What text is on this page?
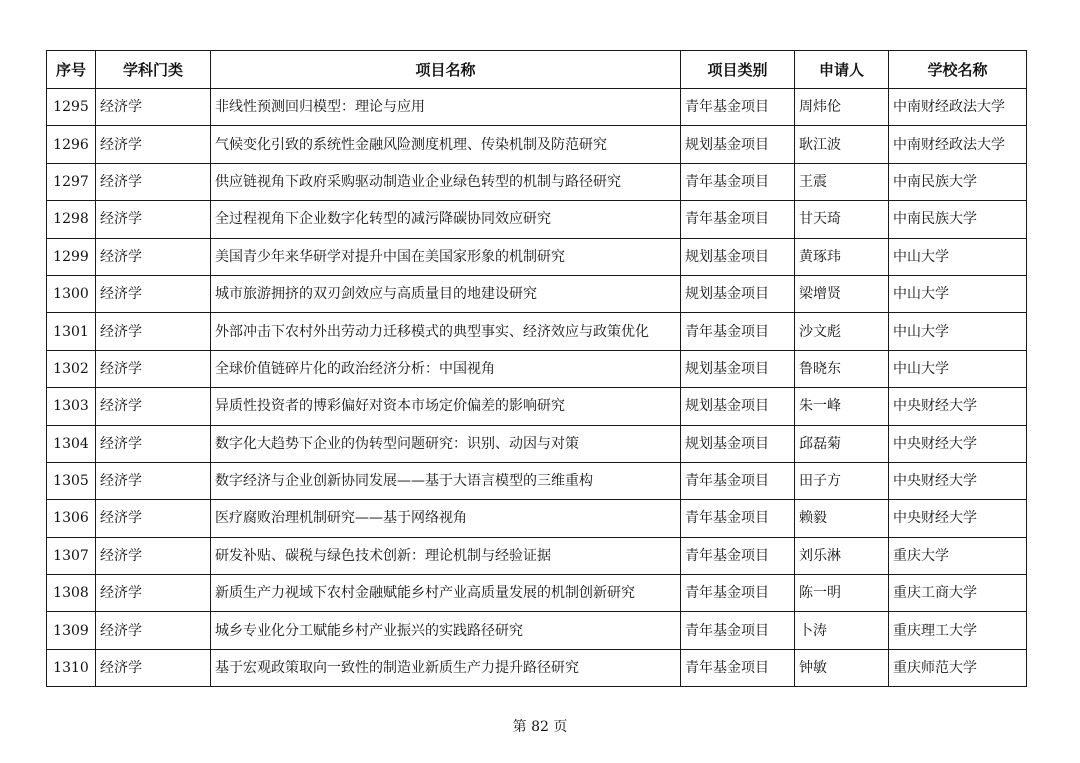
序号	学科门类	项目名称	项目类别	申请人	学校名称
1295	经济学	非线性预测回归模型：理论与应用	青年基金项目	周炜伦	中南财经政法大学
1296	经济学	气候变化引致的系统性金融风险测度机理、传染机制及防范研究	规划基金项目	耿江波	中南财经政法大学
1297	经济学	供应链视角下政府采购驱动制造业企业绿色转型的机制与路径研究	青年基金项目	王震	中南民族大学
1298	经济学	全过程视角下企业数字化转型的减污降碳协同效应研究	青年基金项目	甘天琦	中南民族大学
1299	经济学	美国青少年来华研学对提升中国在美国家形象的机制研究	规划基金项目	黄琢玮	中山大学
1300	经济学	城市旅游拥挤的双刃剑效应与高质量目的地建设研究	规划基金项目	梁增贤	中山大学
1301	经济学	外部冲击下农村外出劳动力迁移模式的典型事实、经济效应与政策优化	青年基金项目	沙文彪	中山大学
1302	经济学	全球价值链碎片化的政治经济分析：中国视角	规划基金项目	鲁晓东	中山大学
1303	经济学	异质性投资者的博彩偏好对资本市场定价偏差的影响研究	规划基金项目	朱一峰	中央财经大学
1304	经济学	数字化大趋势下企业的伪转型问题研究：识别、动因与对策	规划基金项目	邱磊菊	中央财经大学
1305	经济学	数字经济与企业创新协同发展——基于大语言模型的三维重构	青年基金项目	田子方	中央财经大学
1306	经济学	医疗腐败治理机制研究——基于网络视角	青年基金项目	赖毅	中央财经大学
1307	经济学	研发补贴、碳税与绿色技术创新：理论机制与经验证据	青年基金项目	刘乐淋	重庆大学
1308	经济学	新质生产力视域下农村金融赋能乡村产业高质量发展的机制创新研究	青年基金项目	陈一明	重庆工商大学
1309	经济学	城乡专业化分工赋能乡村产业振兴的实践路径研究	青年基金项目	卜涛	重庆理工大学
1310	经济学	基于宏观政策取向一致性的制造业新质生产力提升路径研究	青年基金项目	钟敏	重庆师范大学
第 82 页
